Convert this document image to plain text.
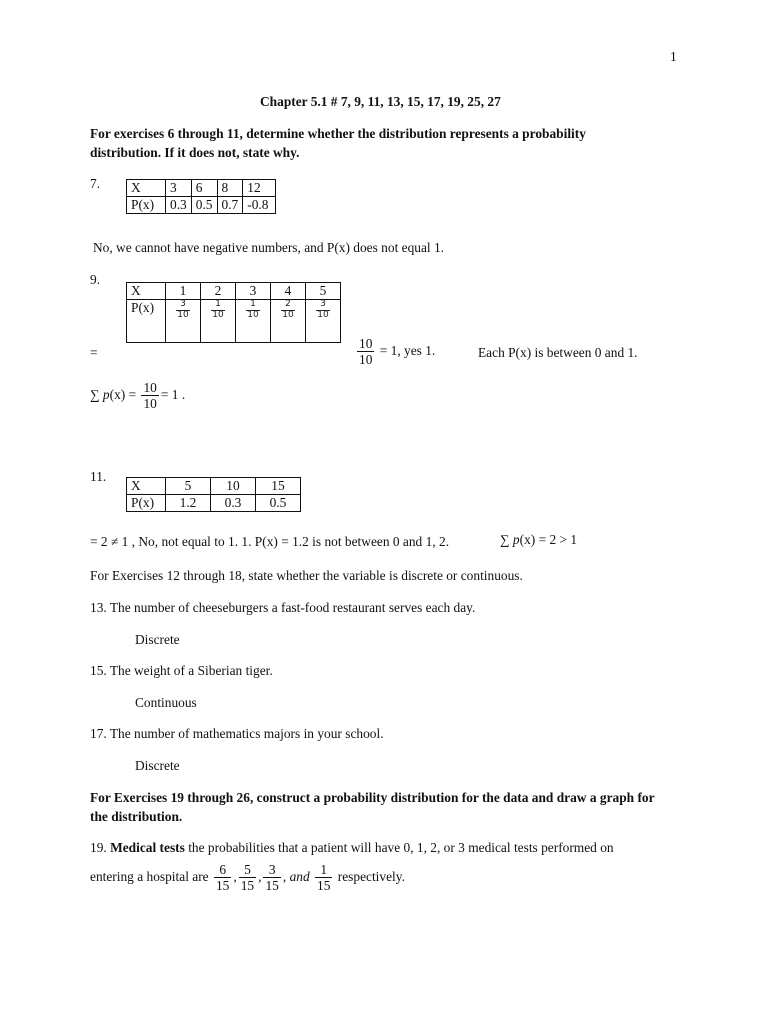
1
Chapter 5.1 # 7, 9, 11, 13, 15, 17, 19, 25, 27
For exercises 6 through 11, determine whether the distribution represents a probability
distribution. If it does not, state why.
7. X	3	6	8	12
P(x)	0.3	0.5	0.7	-0.8
No, we cannot have negative numbers, and P(x) does not equal 1.
9.
X	1	2	3	4	5
P(x)	$\frac{3}{10}$	$\frac{1}{10}$	$\frac{1}{10}$	$\frac{2}{10}$	$\frac{3}{10}$
=	$\frac{10}{10} = 1$, yes 1.	Each P(x) is between 0 and 1.
∑ $p(x) = \frac{10}{10} = 1$ .
11.
X	5	10	15
P(x)	1.2	0.3	0.5
= 2 ≠ 1 , No, not equal to 1. 1. P(x) = 1.2 is not between 0 and 1, 2.	∑ p(x) = 2 > 1
For Exercises 12 through 18, state whether the variable is discrete or continuous.
13. The number of cheeseburgers a fast-food restaurant serves each day.
Discrete
15. The weight of a Siberian tiger.
Continuous
17. The number of mathematics majors in your school.
Discrete
For Exercises 19 through 26, construct a probability distribution for the data and draw a graph for
the distribution.
19. Medical tests the probabilities that a patient will have 0, 1, 2, or 3 medical tests performed on
entering a hospital are $\frac{6}{15}$ , $\frac{5}{15}$ , $\frac{3}{15}$ , and $\frac{1}{15}$ respectively.
